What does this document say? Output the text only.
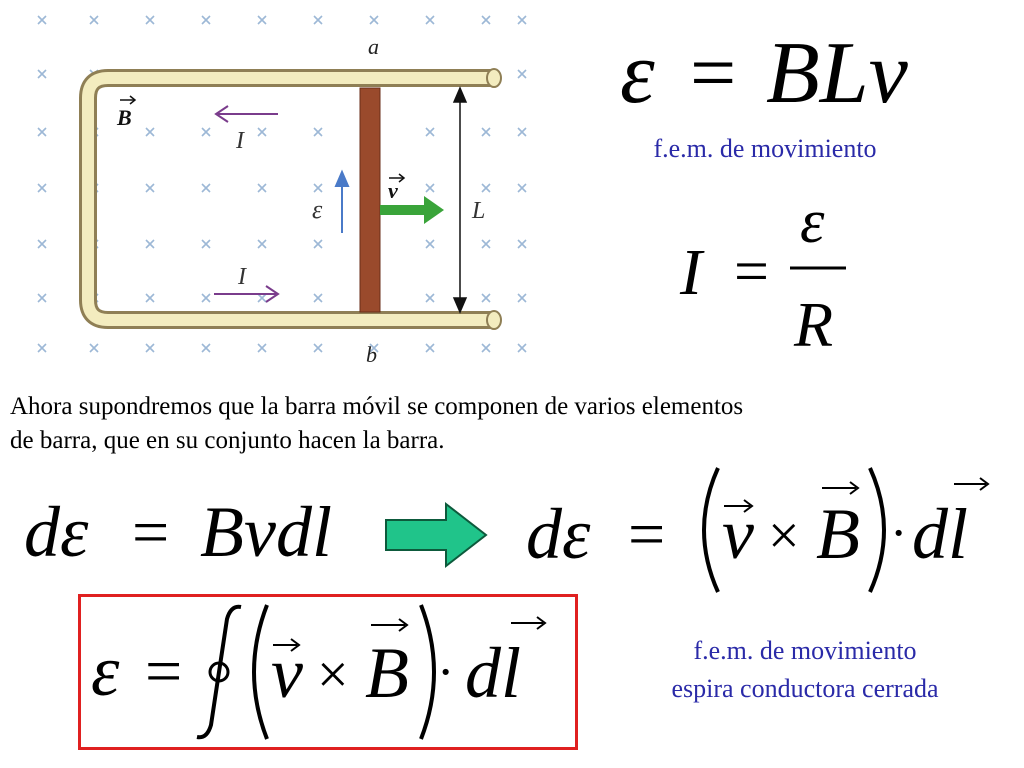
a
b
B
I
I
ε
v
L
ε = BLv
f.e.m. de movimiento
I =
ε
R
Ahora supondremos que la barra móvil se componen de varios elementos
de barra, que en su conjunto hacen la barra.
dε = Bvdl	dε = v × B · dl
ε = v × B · dl	f.e.m. de movimiento
espira conductora cerrada
